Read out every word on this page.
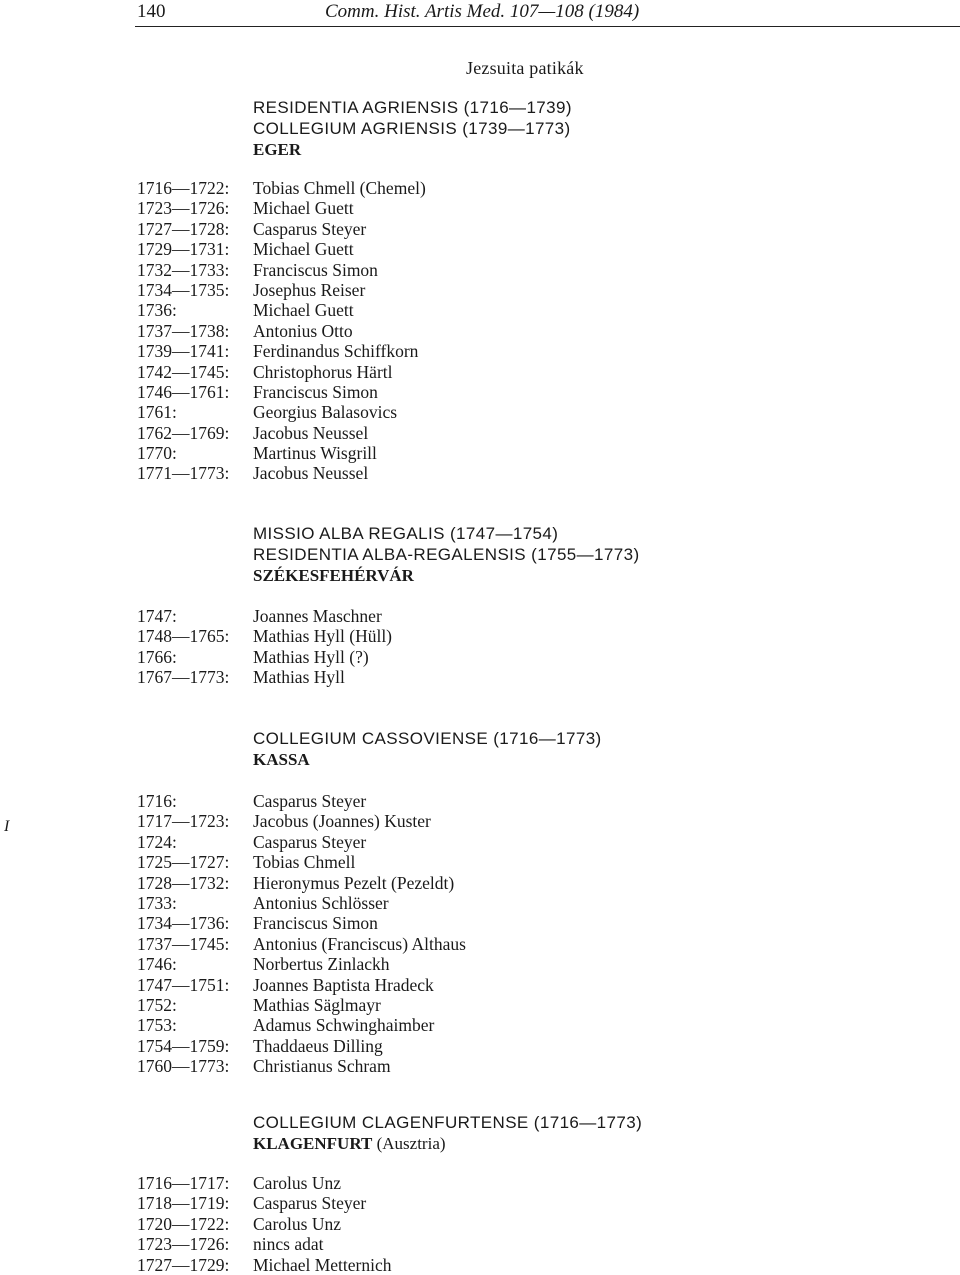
140	Comm. Hist. Artis Med. 107—108 (1984)
Jezsuita patikák
I
RESIDENTIA AGRIENSIS (1716—1739)
COLLEGIUM AGRIENSIS (1739—1773)
EGER
1716—1722:	Tobias Chmell (Chemel)
1723—1726:	Michael Guett
1727—1728:	Casparus Steyer
1729—1731:	Michael Guett
1732—1733:	Franciscus Simon
1734—1735:	Josephus Reiser
1736:	Michael Guett
1737—1738:	Antonius Otto
1739—1741:	Ferdinandus Schiffkorn
1742—1745:	Christophorus Härtl
1746—1761:	Franciscus Simon
1761:	Georgius Balasovics
1762—1769:	Jacobus Neussel
1770:	Martinus Wisgrill
1771—1773:	Jacobus Neussel
MISSIO ALBA REGALIS (1747—1754)
RESIDENTIA ALBA-REGALENSIS (1755—1773)
SZÉKESFEHÉRVÁR
1747:	Joannes Maschner
1748—1765:	Mathias Hyll (Hüll)
1766:	Mathias Hyll (?)
1767—1773:	Mathias Hyll
COLLEGIUM CASSOVIENSE (1716—1773)
KASSA
1716:	Casparus Steyer
1717—1723:	Jacobus (Joannes) Kuster
1724:	Casparus Steyer
1725—1727:	Tobias Chmell
1728—1732:	Hieronymus Pezelt (Pezeldt)
1733:	Antonius Schlösser
1734—1736:	Franciscus Simon
1737—1745:	Antonius (Franciscus) Althaus
1746:	Norbertus Zinlackh
1747—1751:	Joannes Baptista Hradeck
1752:	Mathias Säglmayr
1753:	Adamus Schwinghaimber
1754—1759:	Thaddaeus Dilling
1760—1773:	Christianus Schram
COLLEGIUM CLAGENFURTENSE (1716—1773)
KLAGENFURT (Ausztria)
1716—1717:	Carolus Unz
1718—1719:	Casparus Steyer
1720—1722:	Carolus Unz
1723—1726:	nincs adat
1727—1729:	Michael Metternich
